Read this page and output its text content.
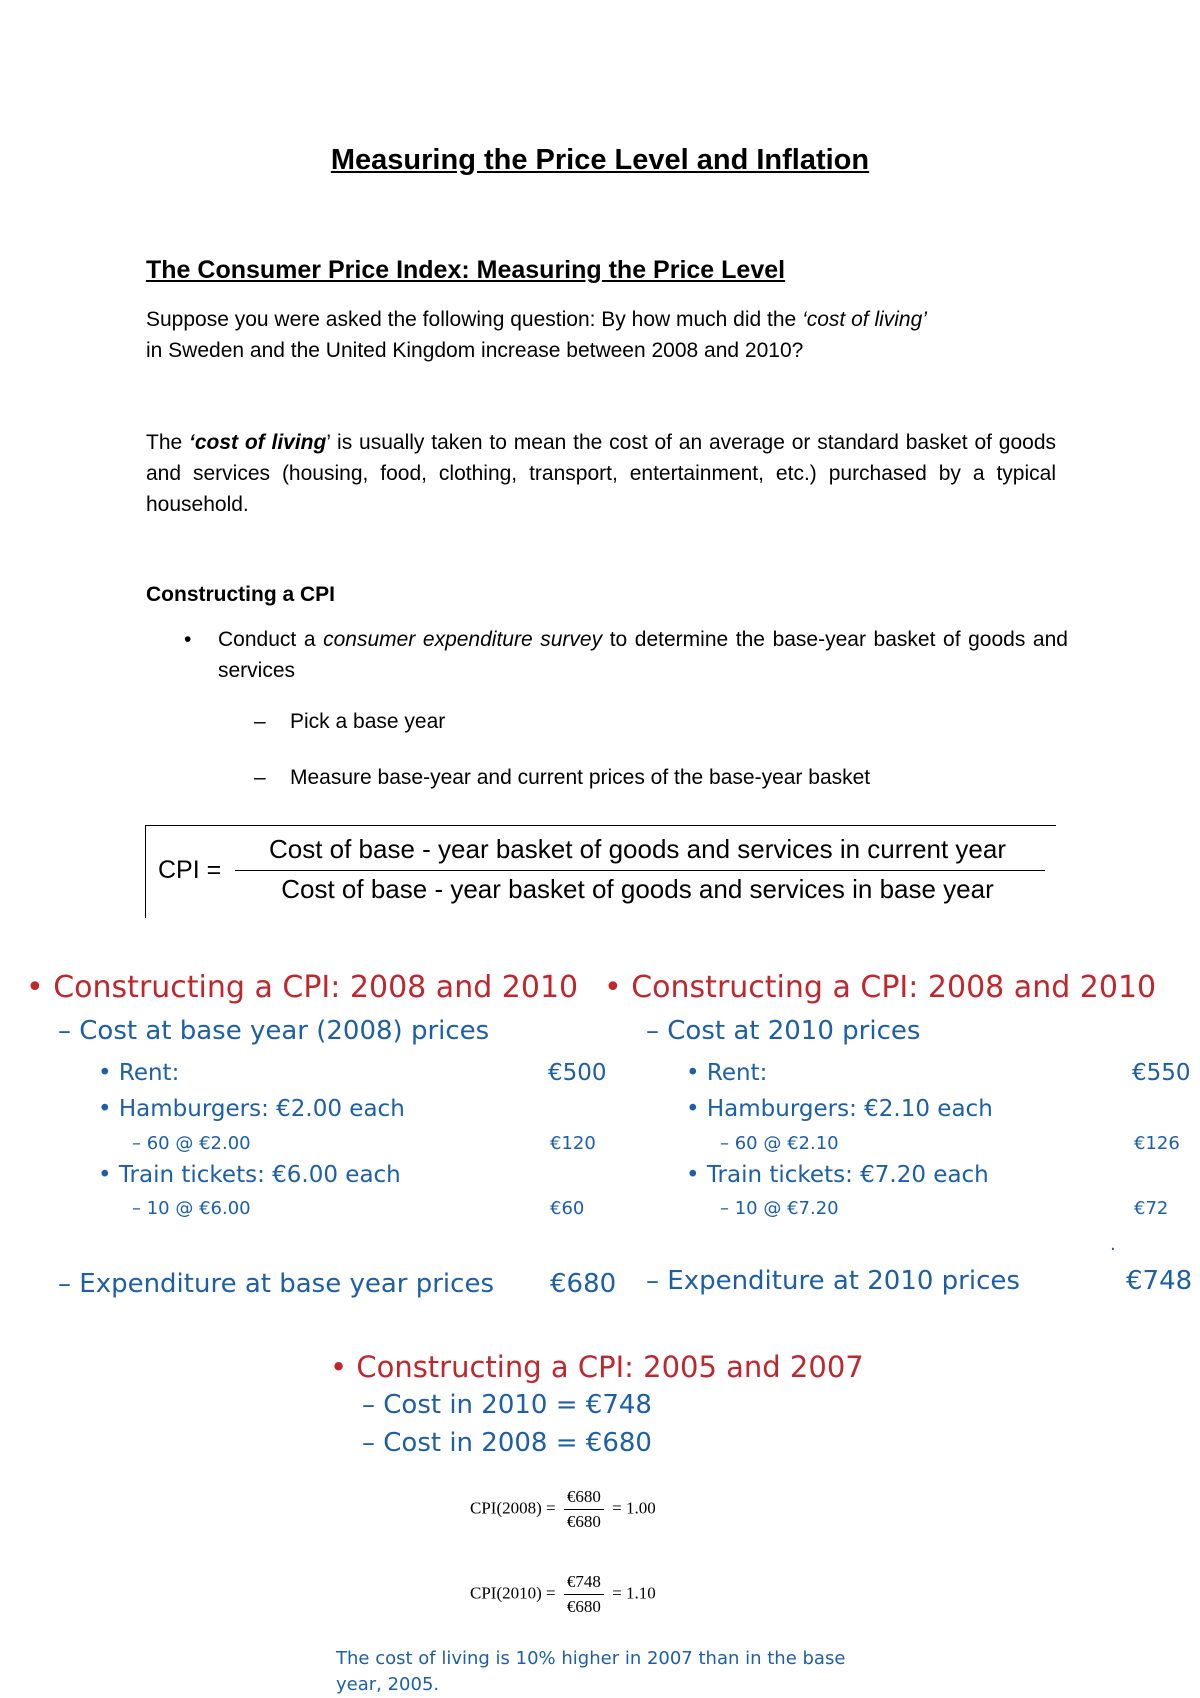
Measuring the Price Level and Inflation
The Consumer Price Index: Measuring the Price Level
Suppose you were asked the following question: By how much did the ‘cost of living’
in Sweden and the United Kingdom increase between 2008 and 2010?
The ‘cost of living’ is usually taken to mean the cost of an average or standard basket of goods and services (housing, food, clothing, transport, entertainment, etc.) purchased by a typical household.
Constructing a CPI
• Conduct a consumer expenditure survey to determine the base-year basket of goods and services
– Pick a base year
– Measure base-year and current prices of the base-year basket
CPI =
Cost of base - year basket of goods and services in current year
Cost of base - year basket of goods and services in base year
• Constructing a CPI: 2008 and 2010
– Cost at base year (2008) prices
• Rent:	€500
• Hamburgers: €2.00 each
– 60 @ €2.00	€120
• Train tickets: €6.00 each
– 10 @ €6.00	€60
– Expenditure at base year prices €680
• Constructing a CPI: 2008 and 2010
– Cost at 2010 prices
• Rent:	€550
• Hamburgers: €2.10 each
– 60 @ €2.10	€126
• Train tickets: €7.20 each
– 10 @ €7.20	€72
.
– Expenditure at 2010 prices	€748
• Constructing a CPI: 2005 and 2007
– Cost in 2010 = €748
– Cost in 2008 = €680
$CPI(2008) = \frac{€680}{€680} = 1.00$
$CPI(2010) = \frac{€748}{€680} = 1.10$
The cost of living is 10% higher in 2007 than in the base
year, 2005.
